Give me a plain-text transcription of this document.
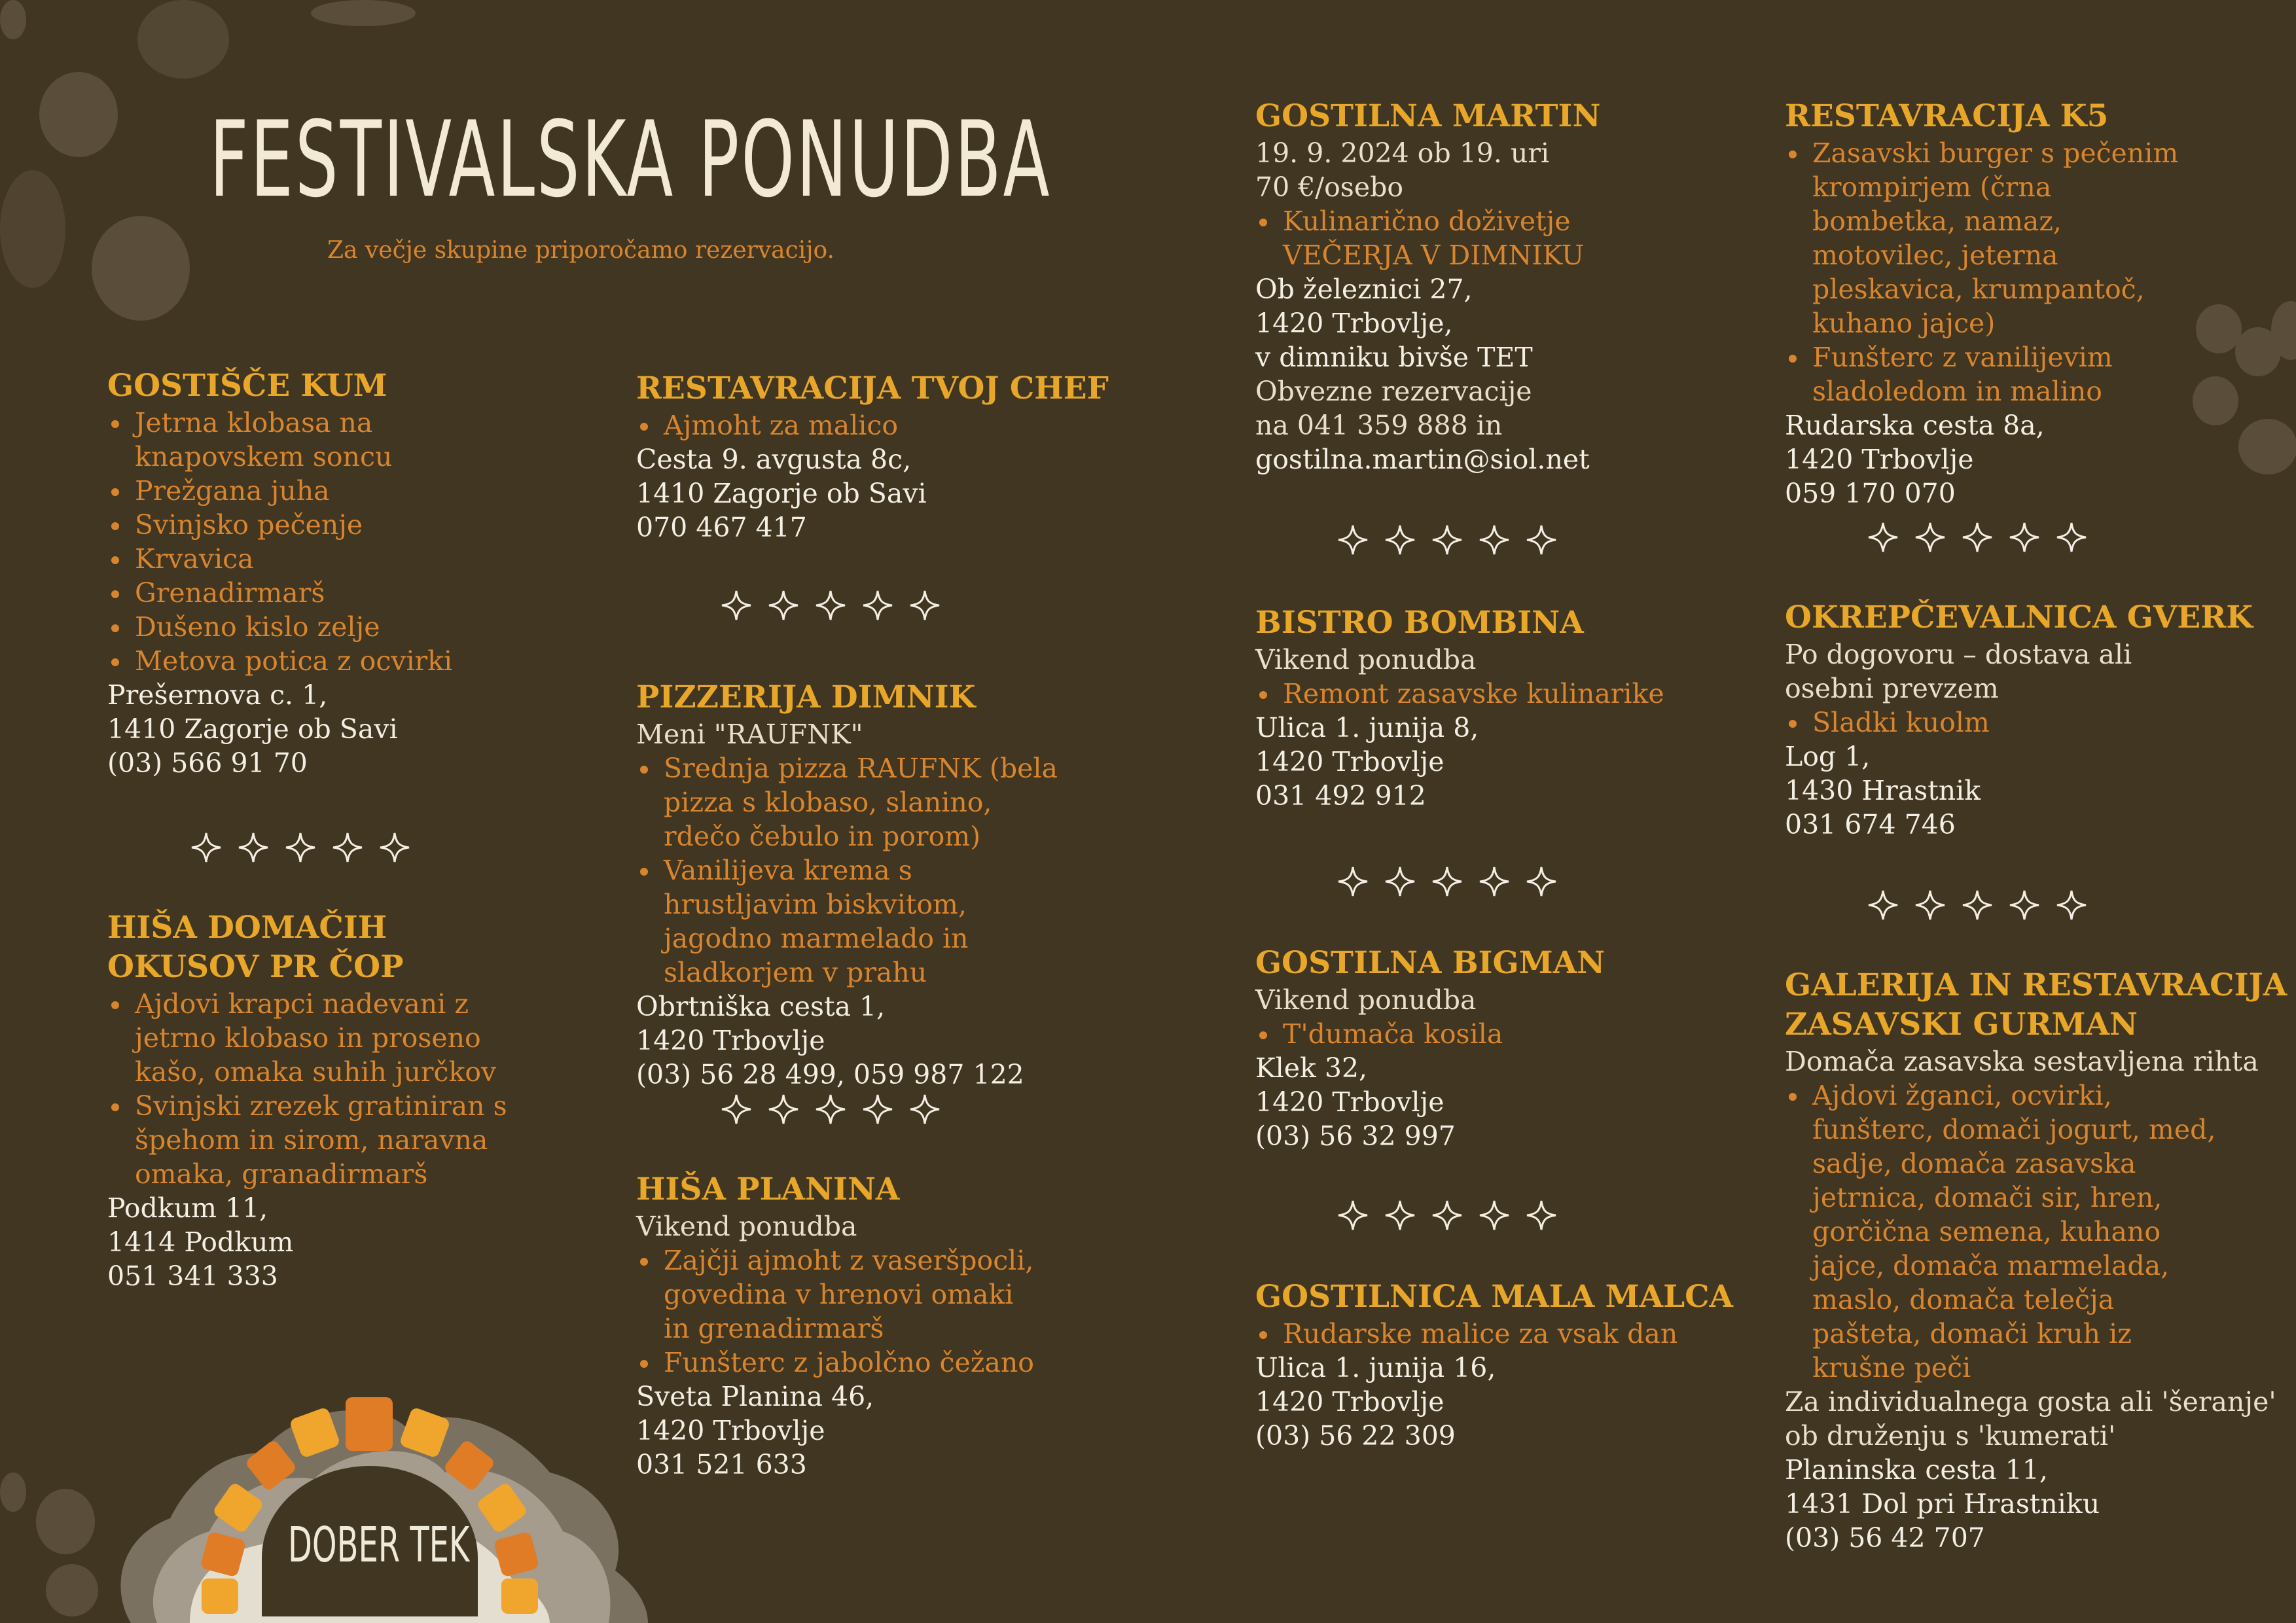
FESTIVALSKA PONUDBA
Za večje skupine priporočamo rezervacijo.
GOSTIŠČE KUM
Jetrna klobasa na
knapovskem soncu
Prežgana juha
Svinjsko pečenje
Krvavica
Grenadirmarš
Dušeno kislo zelje
Metova potica z ocvirki

Prešernova c. 1,

1410 Zagorje ob Savi

(03) 566 91 70

HIŠA DOMAČIH
OKUSOV PR ČOP
Ajdovi krapci nadevani z jetrno klobaso in proseno kašo, omaka suhih jurčkov
Svinjski zrezek gratiniran s špehom in sirom, naravna omaka, granadirmarš

Podkum 11,

1414 Podkum

051 341 333

RESTAVRACIJA TVOJ CHEF
Ajmoht za malico

Cesta 9. avgusta 8c,

1410 Zagorje ob Savi

070 467 417

PIZZERIJA DIMNIK

Meni "RAUFNK"

Srednja pizza RAUFNK (bela pizza s klobaso, slanino, rdečo čebulo in porom)
Vanilijeva krema s hrustljavim biskvitom, jagodno marmelado in sladkorjem v prahu

Obrtniška cesta 1,

1420 Trbovlje

(03) 56 28 499, 059 987 122

HIŠA PLANINA

Vikend ponudba

Zajčji ajmoht z vaseršpocli, govedina v hrenovi omaki in grenadirmarš
Funšterc z jabolčno čežano

Sveta Planina 46,

1420 Trbovlje

031 521 633

GOSTILNA MARTIN

19. 9. 2024 ob 19. uri

70 €/osebo

Kulinarično doživetje VEČERJA V DIMNIKU

Ob železnici 27,

1420 Trbovlje,

v dimniku bivše TET

Obvezne rezervacije

na 041 359 888 in

gostilna.martin@siol.net

BISTRO BOMBINA

Vikend ponudba

Remont zasavske kulinarike

Ulica 1. junija 8,

1420 Trbovlje

031 492 912

GOSTILNA BIGMAN

Vikend ponudba

T'dumača kosila

Klek 32,

1420 Trbovlje

(03) 56 32 997

GOSTILNICA MALA MALCA
Rudarske malice za vsak dan

Ulica 1. junija 16,

1420 Trbovlje

(03) 56 22 309

RESTAVRACIJA K5
Zasavski burger s pečenim krompirjem (črna bombetka, namaz, motovilec, jeterna pleskavica, krumpantoč, kuhano jajce)
Funšterc z vanilijevim sladoledom in malino

Rudarska cesta 8a,

1420 Trbovlje

059 170 070

OKREPČEVALNICA GVERK

Po dogovoru – dostava ali

osebni prevzem

Sladki kuolm

Log 1,

1430 Hrastnik

031 674 746

GALERIJA IN RESTAVRACIJA
ZASAVSKI GURMAN

Domača zasavska sestavljena rihta

Ajdovi žganci, ocvirki, funšterc, domači jogurt, med, sadje, domača zasavska jetrnica, domači sir, hren, gorčična semena, kuhano jajce, domača marmelada, maslo, domača telečja pašteta, domači kruh iz krušne peči

Za individualnega gosta ali 'šeranje'

ob druženju s 'kumerati'

Planinska cesta 11,

1431 Dol pri Hrastniku

(03) 56 42 707

DOBER TEK
